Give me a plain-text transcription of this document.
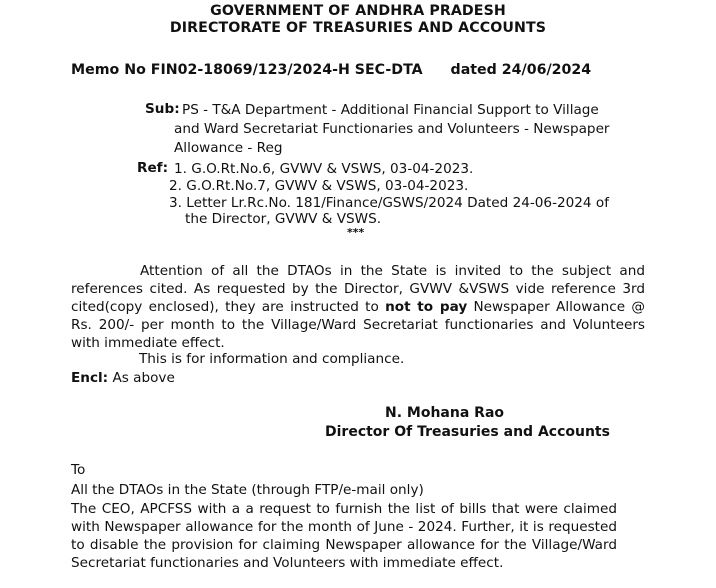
GOVERNMENT OF ANDHRA PRADESH
DIRECTORATE OF TREASURIES AND ACCOUNTS
Memo No FIN02-18069/123/2024-H SEC-DTA dated 24/06/2024
Sub: PS - T&A Department - Additional Financial Support to Village
and Ward Secretariat Functionaries and Volunteers - Newspaper
Allowance - Reg
Ref: 1. G.O.Rt.No.6, GVWV & VSWS, 03-04-2023.
2. G.O.Rt.No.7, GVWV & VSWS, 03-04-2023.
3. Letter Lr.Rc.No. 181/Finance/GSWS/2024 Dated 24-06-2024 of
the Director, GVWV & VSWS.
***
Attention of all the DTAOs in the State is invited to the subject and references cited. As requested by the Director, GVWV &VSWS vide reference 3rd cited(copy enclosed), they are instructed to not to pay Newspaper Allowance @ Rs. 200/- per month to the Village/Ward Secretariat functionaries and Volunteers with immediate effect.
This is for information and compliance.
Encl: As above
N. Mohana Rao
Director Of Treasuries and Accounts
To
All the DTAOs in the State (through FTP/e-mail only)
The CEO, APCFSS with a a request to furnish the list of bills that were claimed with Newspaper allowance for the month of June - 2024. Further, it is requested to disable the provision for claiming Newspaper allowance for the Village/Ward Secretariat functionaries and Volunteers with immediate effect.
